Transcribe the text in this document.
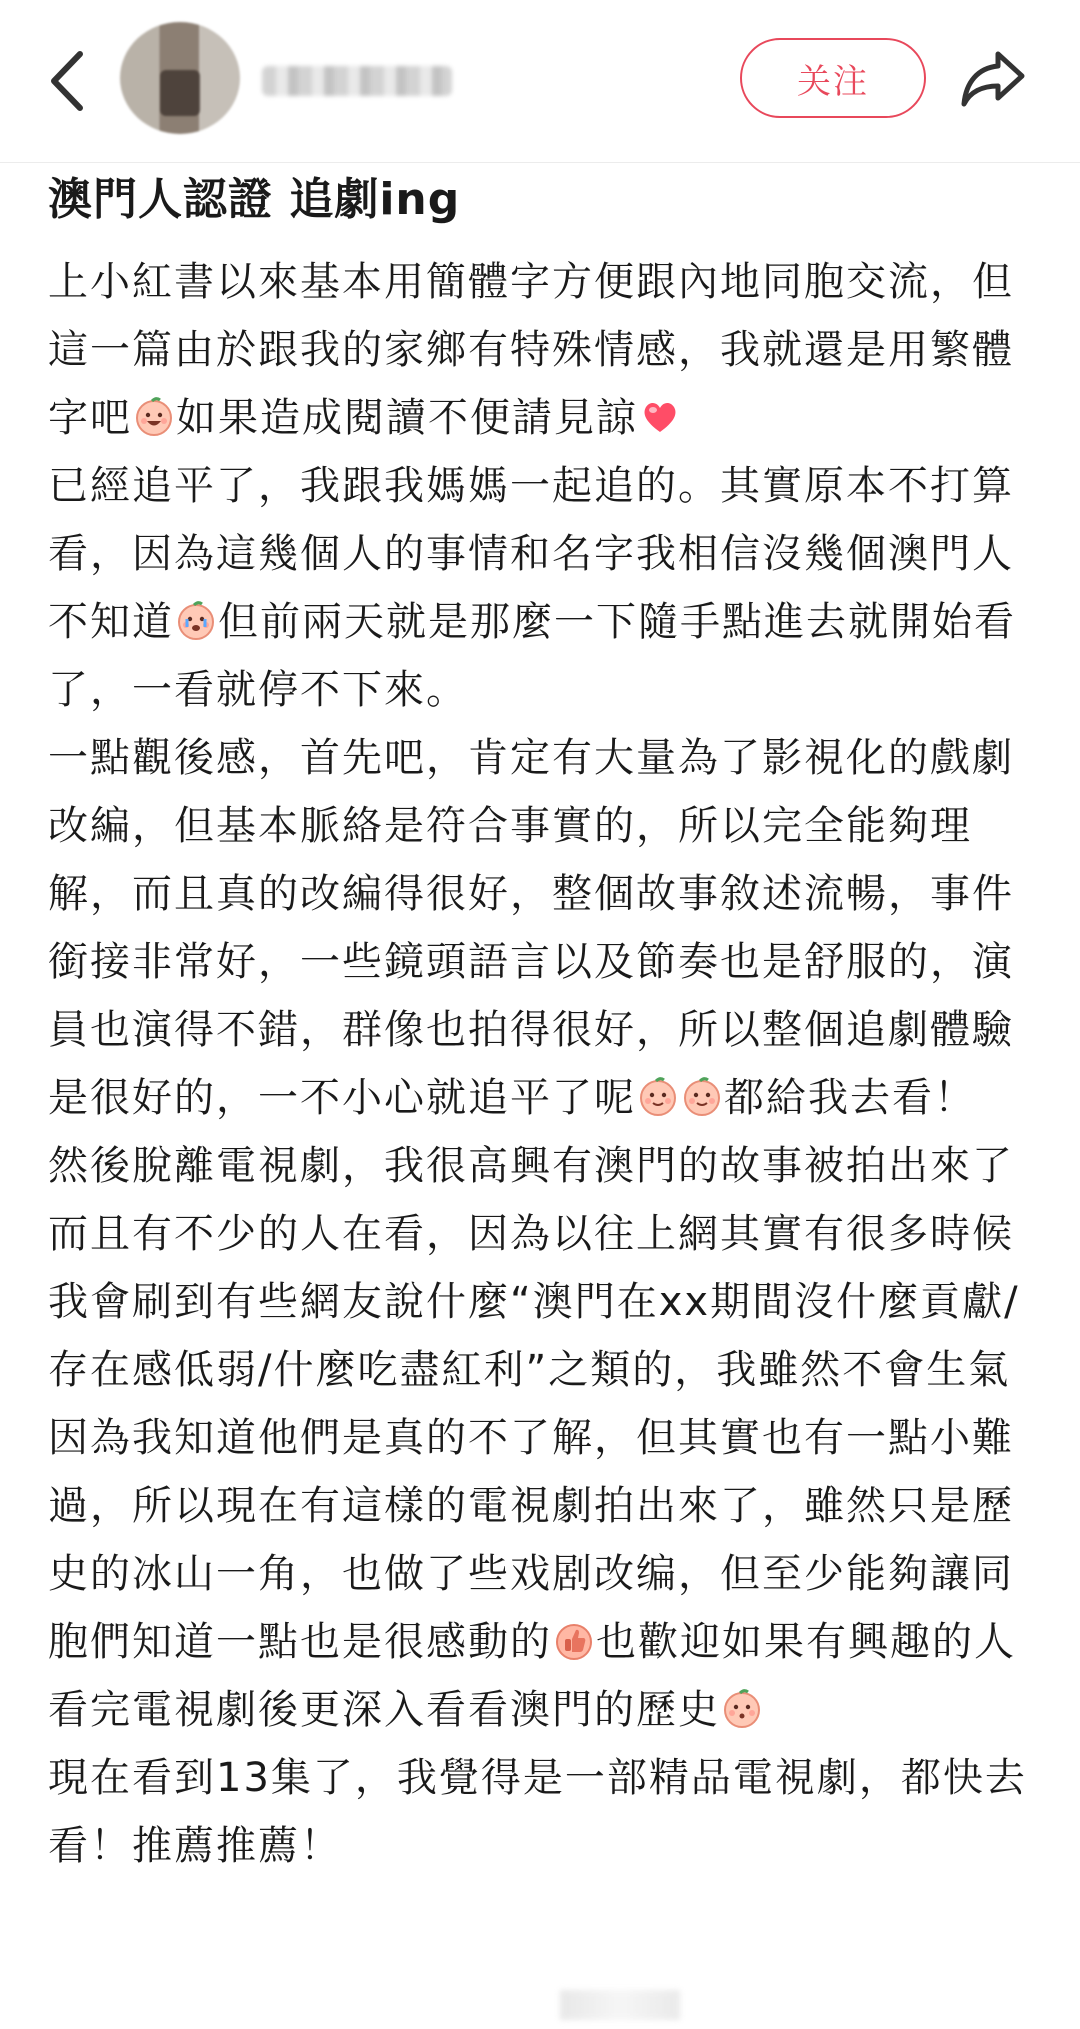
关注
澳門人認證 追劇ing

上小紅書以來基本用簡體字方便跟內地同胞交流，但這一篇由於跟我的家鄉有特殊情感，我就還是用繁體字吧 如果造成閱讀不便請見諒

已經追平了，我跟我媽媽一起追的。其實原本不打算看，因為這幾個人的事情和名字我相信沒幾個澳門人不知道 但前兩天就是那麼一下隨手點進去就開始看了，一看就停不下來。

一點觀後感，首先吧，肯定有大量為了影視化的戲劇改編，但基本脈絡是符合事實的，所以完全能夠理解，而且真的改編得很好，整個故事敘述流暢，事件銜接非常好，一些鏡頭語言以及節奏也是舒服的，演員也演得不錯，群像也拍得很好，所以整個追劇體驗是很好的，一不小心就追平了呢 都給我去看！

然後脫離電視劇，我很高興有澳門的故事被拍出來了而且有不少的人在看，因為以往上網其實有很多時候我會刷到有些網友說什麼“澳門在xx期間沒什麼貢獻/存在感低弱/什麼吃盡紅利”之類的，我雖然不會生氣因為我知道他們是真的不了解，但其實也有一點小難過，所以現在有這樣的電視劇拍出來了，雖然只是歷史的冰山一角，也做了些戏剧改编，但至少能夠讓同胞們知道一點也是很感動的 也歡迎如果有興趣的人看完電視劇後更深入看看澳門的歷史

現在看到13集了，我覺得是一部精品電視劇，都快去看！推薦推薦！
